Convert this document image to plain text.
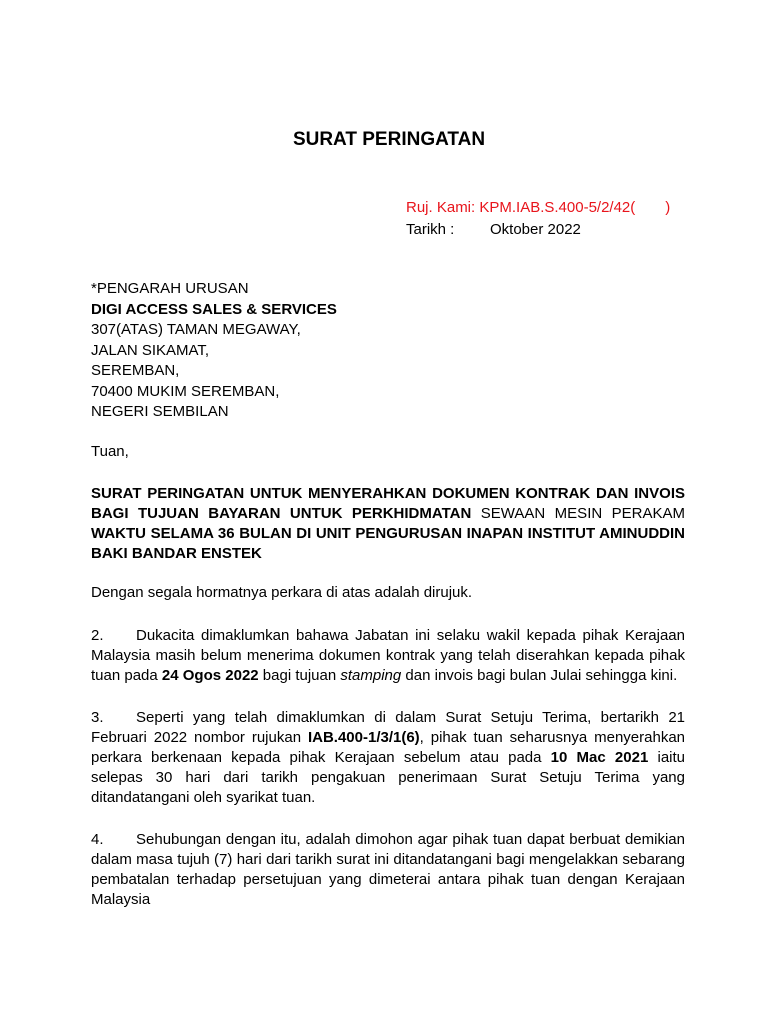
SURAT PERINGATAN
Ruj. Kami: KPM.IAB.S.400-5/2/42( )
Tarikh :	Oktober 2022
*PENGARAH URUSAN
DIGI ACCESS SALES & SERVICES
307(ATAS) TAMAN MEGAWAY,
JALAN SIKAMAT,
SEREMBAN,
70400 MUKIM SEREMBAN,
NEGERI SEMBILAN
Tuan,
SURAT PERINGATAN UNTUK MENYERAHKAN DOKUMEN KONTRAK DAN INVOIS BAGI TUJUAN BAYARAN UNTUK PERKHIDMATAN SEWAAN MESIN PERAKAM WAKTU SELAMA 36 BULAN DI UNIT PENGURUSAN INAPAN INSTITUT AMINUDDIN BAKI BANDAR ENSTEK
Dengan segala hormatnya perkara di atas adalah dirujuk.
2. Dukacita dimaklumkan bahawa Jabatan ini selaku wakil kepada pihak Kerajaan Malaysia masih belum menerima dokumen kontrak yang telah diserahkan kepada pihak tuan pada 24 Ogos 2022 bagi tujuan stamping dan invois bagi bulan Julai sehingga kini.
3. Seperti yang telah dimaklumkan di dalam Surat Setuju Terima, bertarikh 21 Februari 2022 nombor rujukan IAB.400-1/3/1(6), pihak tuan seharusnya menyerahkan perkara berkenaan kepada pihak Kerajaan sebelum atau pada 10 Mac 2021 iaitu selepas 30 hari dari tarikh pengakuan penerimaan Surat Setuju Terima yang ditandatangani oleh syarikat tuan.
4. Sehubungan dengan itu, adalah dimohon agar pihak tuan dapat berbuat demikian dalam masa tujuh (7) hari dari tarikh surat ini ditandatangani bagi mengelakkan sebarang pembatalan terhadap persetujuan yang dimeterai antara pihak tuan dengan Kerajaan Malaysia
